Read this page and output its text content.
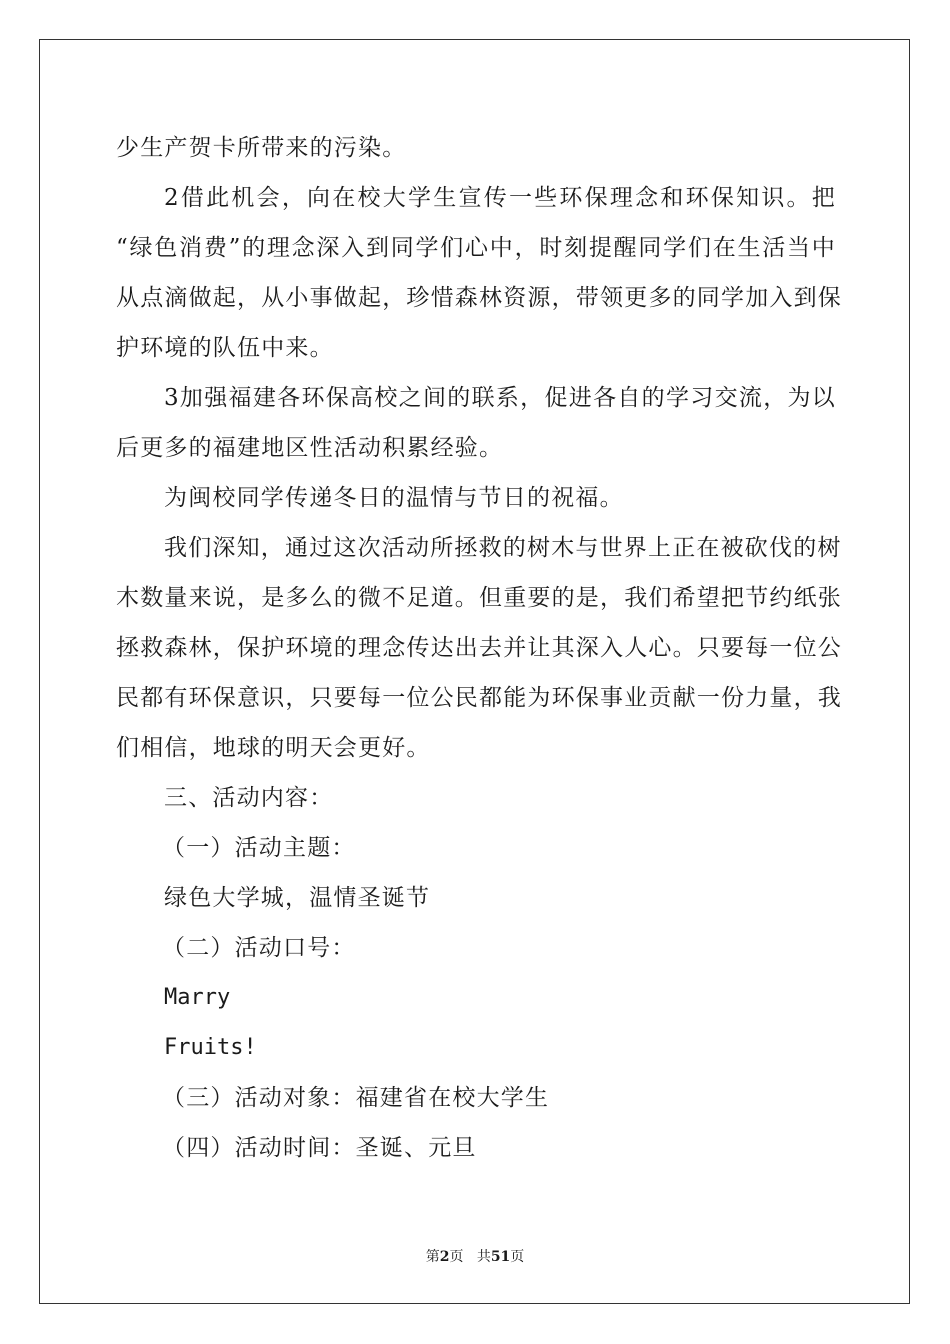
少生产贺卡所带来的污染。
2借此机会，向在校大学生宣传一些环保理念和环保知识。把
“绿色消费”的理念深入到同学们心中，时刻提醒同学们在生活当中
从点滴做起，从小事做起，珍惜森林资源，带领更多的同学加入到保
护环境的队伍中来。
3加强福建各环保高校之间的联系，促进各自的学习交流，为以
后更多的福建地区性活动积累经验。
为闽校同学传递冬日的温情与节日的祝福。
我们深知，通过这次活动所拯救的树木与世界上正在被砍伐的树
木数量来说，是多么的微不足道。但重要的是，我们希望把节约纸张
拯救森林，保护环境的理念传达出去并让其深入人心。只要每一位公
民都有环保意识，只要每一位公民都能为环保事业贡献一份力量，我
们相信，地球的明天会更好。
三、活动内容：
（一）活动主题：
绿色大学城，温情圣诞节
（二）活动口号：
Marry
Fruits!
（三）活动对象：福建省在校大学生
（四）活动时间：圣诞、元旦
第2页 共51页
